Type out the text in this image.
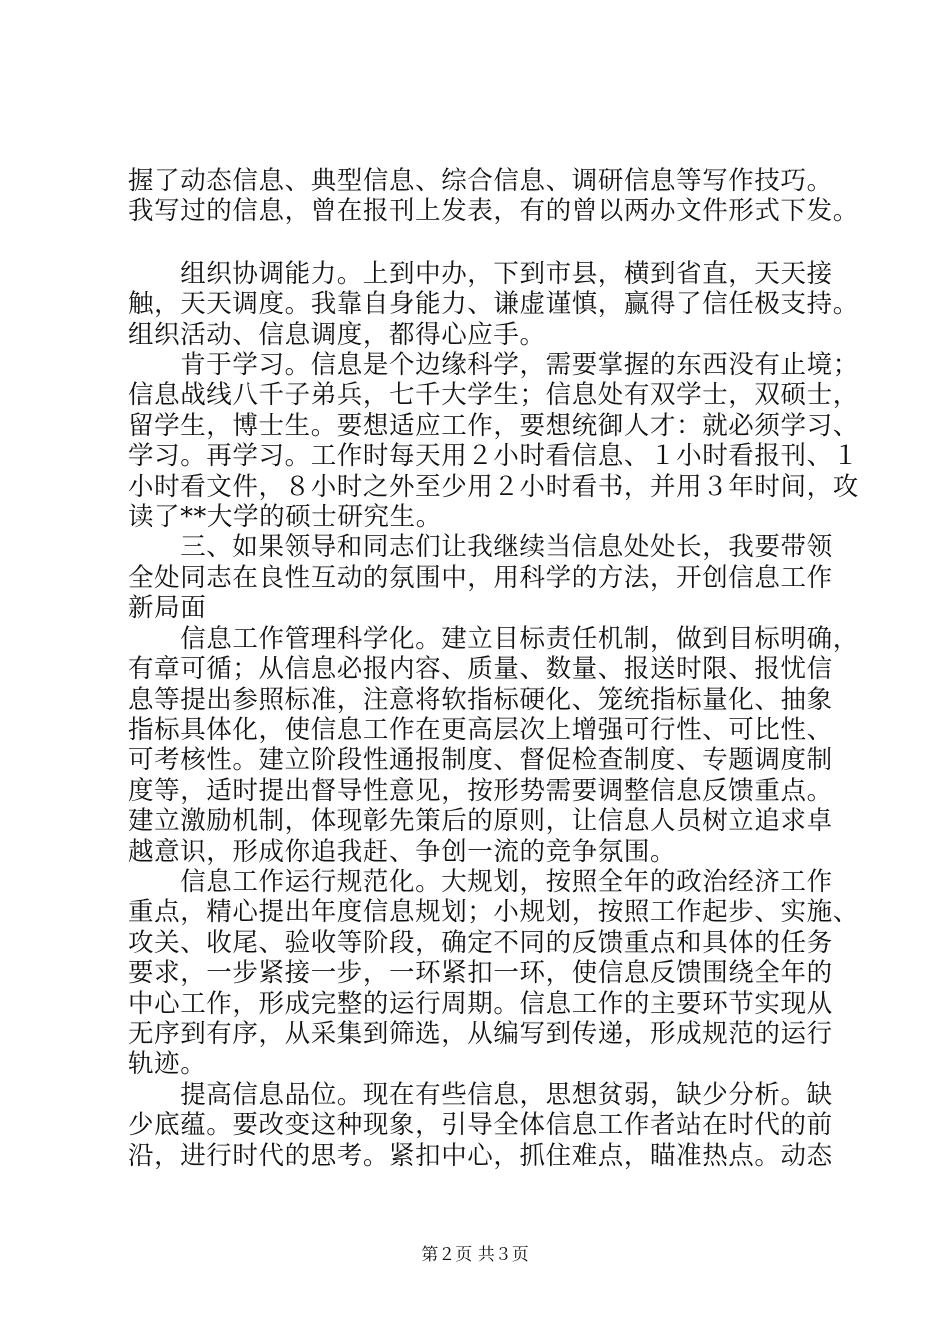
握了动态信息、典型信息、综合信息、调研信息等写作技巧。
我写过的信息，曾在报刊上发表，有的曾以两办文件形式下发。
　　组织协调能力。上到中办，下到市县，横到省直，天天接
触，天天调度。我靠自身能力、谦虚谨慎，赢得了信任极支持。
组织活动、信息调度，都得心应手。
　　肯于学习。信息是个边缘科学，需要掌握的东西没有止境；
信息战线八千子弟兵，七千大学生；信息处有双学士，双硕士，
留学生，博士生。要想适应工作，要想统御人才：就必须学习、
学习。再学习。工作时每天用２小时看信息、１小时看报刊、１
小时看文件，８小时之外至少用２小时看书，并用３年时间，攻
读了**大学的硕士研究生。
　　三、如果领导和同志们让我继续当信息处处长，我要带领
全处同志在良性互动的氛围中，用科学的方法，开创信息工作
新局面
　　信息工作管理科学化。建立目标责任机制，做到目标明确，
有章可循；从信息必报内容、质量、数量、报送时限、报忧信
息等提出参照标准，注意将软指标硬化、笼统指标量化、抽象
指标具体化，使信息工作在更高层次上增强可行性、可比性、
可考核性。建立阶段性通报制度、督促检查制度、专题调度制
度等，适时提出督导性意见，按形势需要调整信息反馈重点。
建立激励机制，体现彰先策后的原则，让信息人员树立追求卓
越意识，形成你追我赶、争创一流的竞争氛围。
　　信息工作运行规范化。大规划，按照全年的政治经济工作
重点，精心提出年度信息规划；小规划，按照工作起步、实施、
攻关、收尾、验收等阶段，确定不同的反馈重点和具体的任务
要求，一步紧接一步，一环紧扣一环，使信息反馈围绕全年的
中心工作，形成完整的运行周期。信息工作的主要环节实现从
无序到有序，从采集到筛选，从编写到传递，形成规范的运行
轨迹。
　　提高信息品位。现在有些信息，思想贫弱，缺少分析。缺
少底蕴。要改变这种现象，引导全体信息工作者站在时代的前
沿，进行时代的思考。紧扣中心，抓住难点，瞄准热点。动态
第２页 共３页
